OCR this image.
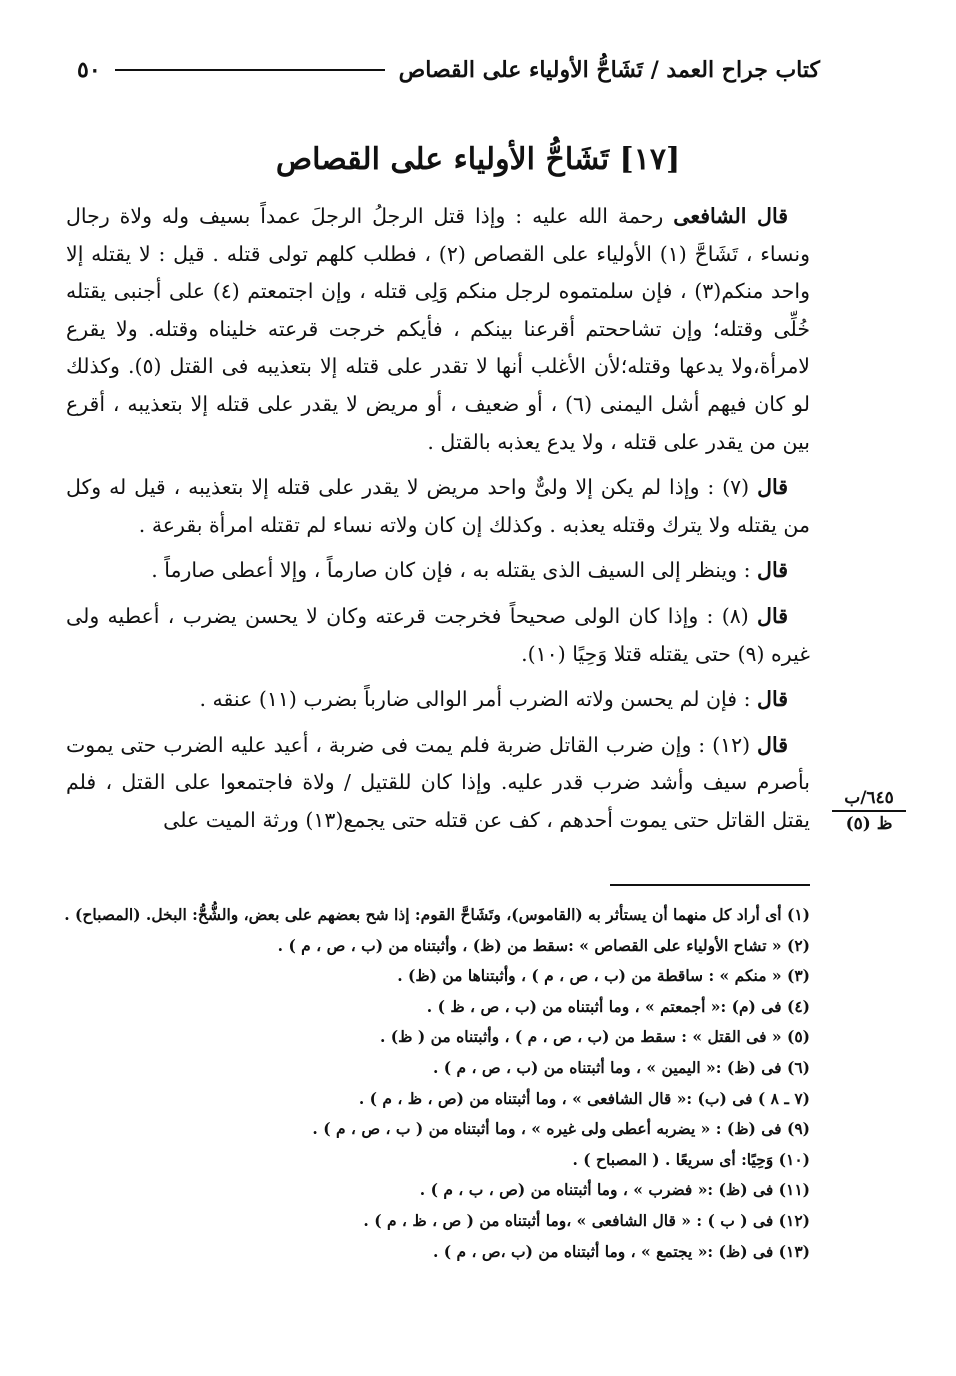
كتاب جراح العمد / تَشَاحُّ الأولياء على القصاص
٥٠
[١٧] تَشَاحُّ الأولياء على القصاص

قال الشافعى رحمة الله عليه : وإذا قتل الرجلُ الرجلَ عمداً بسيف وله ولاة رجال ونساء ، تَشَاحَّ (١) الأولياء على القصاص (٢) ، فطلب كلهم تولى قتله . قيل : لا يقتله إلا واحد منكم(٣) ، فإن سلمتموه لرجل منكم وَلِى قتله ، وإن اجتمعتم (٤) على أجنبى يقتله خُلِّى وقتله؛ وإن تشاححتم أقرعنا بينكم ، فأيكم خرجت قرعته خليناه وقتله. ولا يقرع لامرأة،ولا يدعها وقتله؛لأن الأغلب أنها لا تقدر على قتله إلا بتعذيبه فى القتل (٥). وكذلك لو كان فيهم أشل اليمنى (٦) ، أو ضعيف ، أو مريض لا يقدر على قتله إلا بتعذيبه ، أقرع بين من يقدر على قتله ، ولا يدع يعذبه بالقتل .

قال (٧) : وإذا لم يكن إلا ولىٌّ واحد مريض لا يقدر على قتله إلا بتعذيبه ، قيل له وكل من يقتله ولا يترك وقتله يعذبه . وكذلك إن كان ولاته نساء لم تقتله امرأة بقرعة .

قال : وينظر إلى السيف الذى يقتله به ، فإن كان صارماً ، وإلا أعطى صارماً .

قال (٨) : وإذا كان الولى صحيحاً فخرجت قرعته وكان لا يحسن يضرب ، أعطيه ولى غيره (٩) حتى يقتله قتلا وَحِيًا (١٠).

قال : فإن لم يحسن ولاته الضرب أمر الوالى ضارباً بضرب (١١) عنقه .

قال (١٢) : وإن ضرب القاتل ضربة فلم يمت فى ضربة ، أعيد عليه الضرب حتى يموت بأصرم سيف وأشد ضرب قدر عليه. وإذا كان للقتيل / ولاة فاجتمعوا على القتل ، فلم يقتل القاتل حتى يموت أحدهم ، كف عن قتله حتى يجمع(١٣) ورثة الميت على

٦٤٥/ب
ظ (٥)
(١) أى أراد كل منهما أن يستأثر به (القاموس)، وتَشَاحَّ القوم: إذا شح بعضهم على بعض، والشُّحُّ: البخل. (المصباح) .
(٢) « تشاح الأولياء على القصاص » :سقط من (ظ) ، وأثبتناه من (ب ، ص ، م ) .
(٣) « منكم » : ساقطة من (ب ، ص ، م ) ، وأثبتناها من (ظ) .
(٤) فى (م) :« أجمعتم » ، وما أثبتناه من (ب ، ص ، ظ ) .
(٥) « فى القتل » : سقط من (ب ، ص ، م ) ، وأثبتناه من ( ظ) .
(٦) فى (ظ) :« اليمين » ، وما أثبتناه من (ب ، ص ، م ) .
(٧ ـ ٨ ) فى (ب) :« قال الشافعى » ، وما أثبتناه من (ص ، ظ ، م ) .
(٩) فى (ظ) : « يضربه أعطى ولى غيره » ، وما أثبتناه من ( ب ، ص ، م ) .
(١٠) وَحِيًا: أى سريعًا . ( المصباح ) .
(١١) فى (ظ) :« فضرب » ، وما أثبتناه من (ص ، ب ، م ) .
(١٢) فى ( ب ) : « قال الشافعى » ،وما أثبتناه من ( ص ، ظ ، م ) .
(١٣) فى (ظ) :« يجتمع » ، وما أثبتناه من (ب ،ص ، م ) .
